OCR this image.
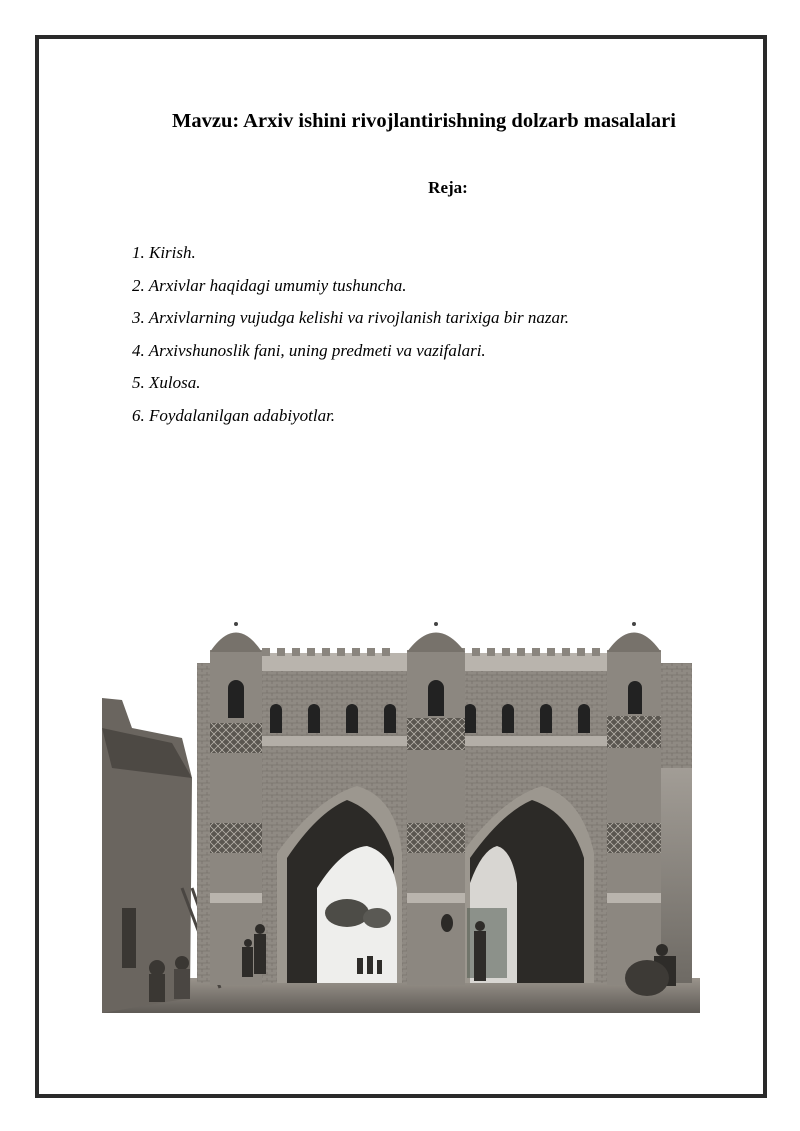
Mavzu: Arxiv ishini rivojlantirishning dolzarb masalalari
Reja:
1. Kirish.
2. Arxivlar haqidagi umumiy tushuncha.
3. Arxivlarning vujudga kelishi va rivojlanish tarixiga bir nazar.
4. Arxivshunoslik fani, uning predmeti va vazifalari.
5. Xulosa.
6. Foydalanilgan adabiyotlar.
